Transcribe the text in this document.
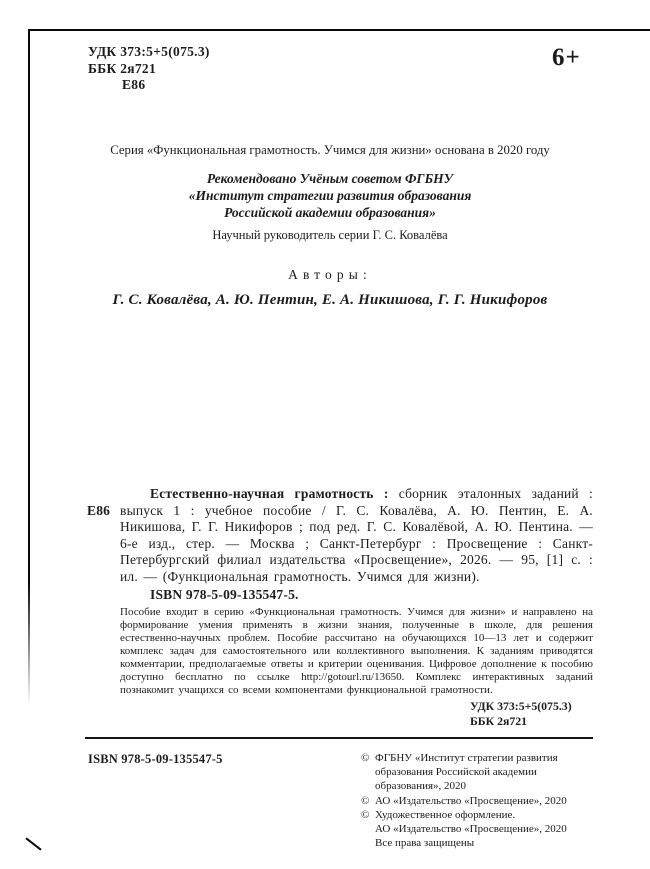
УДК 373:5+5(075.3)
ББК 2я721
Е86
6+
Серия «Функциональная грамотность. Учимся для жизни» основана в 2020 году
Рекомендовано Учёным советом ФГБНУ
«Институт стратегии развития образования
Российской академии образования»
Научный руководитель серии Г. С. Ковалёва
Авторы:
Г. С. Ковалёва, А. Ю. Пентин, Е. А. Никишова, Г. Г. Никифоров

Е86
Естественно-научная грамотность : сборник эталонных заданий : выпуск 1 : учебное пособие / Г. С. Ковалёва, А. Ю. Пентин, Е. А. Никишова, Г. Г. Никифоров ; под ред. Г. С. Ковалёвой, А. Ю. Пентина. — 6-е изд., стер. — Москва ; Санкт-Петербург : Просвещение : Санкт-Петербургский филиал издательства «Просвещение», 2026. — 95, [1] с. : ил. — (Функциональная грамотность. Учимся для жизни).

ISBN 978-5-09-135547-5.
Пособие входит в серию «Функциональная грамотность. Учимся для жизни» и направлено на формирование умения применять в жизни знания, полученные в школе, для решения естественно-научных проблем. Пособие рассчитано на обучающихся 10—13 лет и содержит комплекс задач для самостоятельного или коллективного выполнения. К заданиям приводятся комментарии, предполагаемые ответы и критерии оценивания. Цифровое дополнение к пособию доступно бесплатно по ссылке http://gotourl.ru/13650. Комплекс интерактивных заданий познакомит учащихся со всеми компонентами функциональной грамотности.
УДК 373:5+5(075.3)
ББК 2я721
ISBN 978-5-09-135547-5	© ФГБНУ «Институт стратегии развития
образования Российской академии
образования», 2020
© АО «Издательство «Просвещение», 2020
© Художественное оформление.
АО «Издательство «Просвещение», 2020
Все права защищены
